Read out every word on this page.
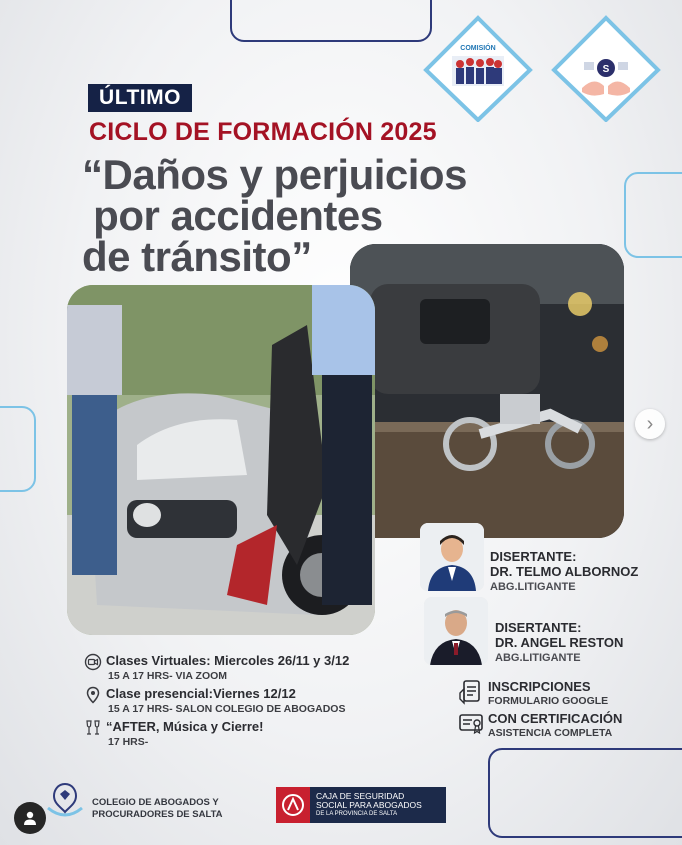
COMISIÓN
S
ÚLTIMO
CICLO DE FORMACIÓN 2025
“Daños y perjuicios
por accidentes
de tránsito”
DISERTANTE:
DR. TELMO ALBORNOZ
ABG.LITIGANTE
DISERTANTE:
DR. ANGEL RESTON
ABG.LITIGANTE
Clases Virtuales: Miercoles 26/11 y 3/12
15 A 17 HRS- VIA ZOOM
Clase presencial:Viernes 12/12
15 A 17 HRS- SALON COLEGIO DE ABOGADOS
“AFTER, Música y Cierre!
17 HRS-
INSCRIPCIONES
FORMULARIO GOOGLE
CON CERTIFICACIÓN
ASISTENCIA COMPLETA
COLEGIO DE ABOGADOS Y
PROCURADORES DE SALTA
CAJA DE SEGURIDAD
SOCIAL PARA ABOGADOS
DE LA PROVINCIA DE SALTA
›
